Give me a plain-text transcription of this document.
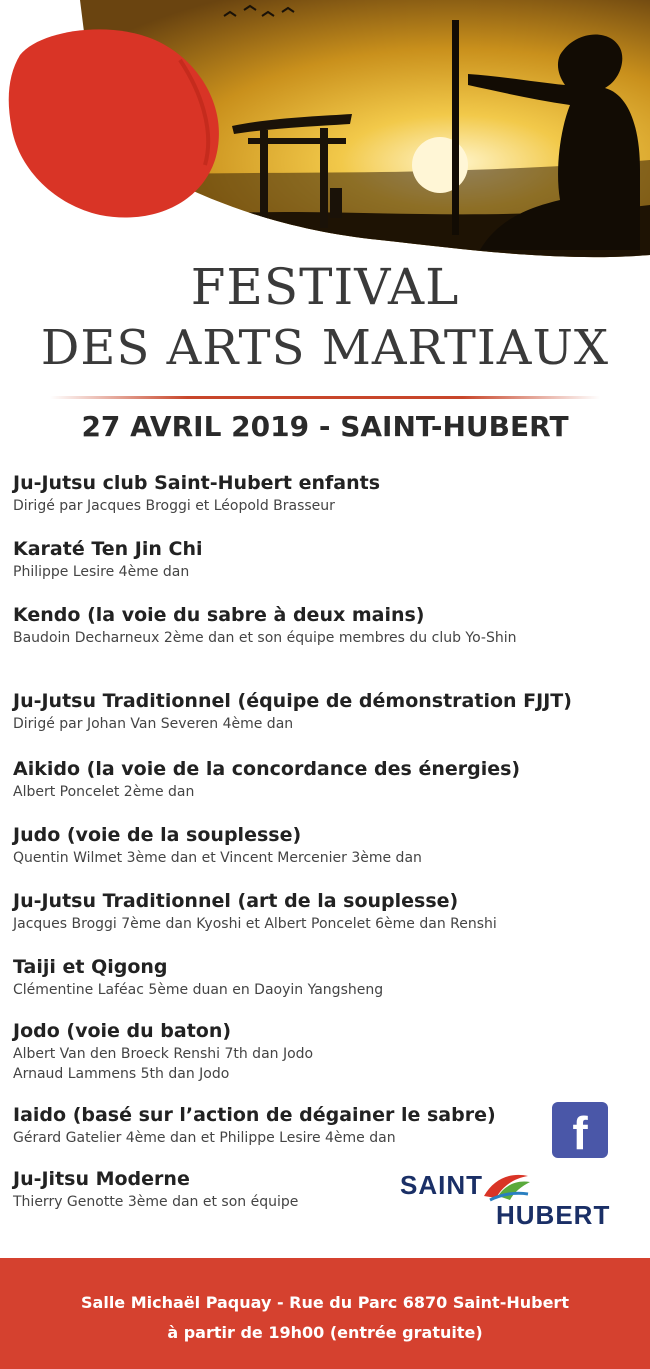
FESTIVAL
DES ARTS MARTIAUX
27 AVRIL 2019 - SAINT-HUBERT
Ju-Jutsu club Saint-Hubert enfants
Dirigé par Jacques Broggi et Léopold Brasseur
Karaté Ten Jin Chi
Philippe Lesire 4ème dan
Kendo (la voie du sabre à deux mains)
Baudoin Decharneux 2ème dan et son équipe membres du club Yo-Shin
Ju-Jutsu Traditionnel (équipe de démonstration FJJT)
Dirigé par Johan Van Severen 4ème dan
Aikido (la voie de la concordance des énergies)
Albert Poncelet 2ème dan
Judo (voie de la souplesse)
Quentin Wilmet 3ème dan et Vincent Mercenier 3ème dan
Ju-Jutsu Traditionnel (art de la souplesse)
Jacques Broggi 7ème dan Kyoshi et Albert Poncelet 6ème dan Renshi
Taiji et Qigong
Clémentine Laféac 5ème duan en Daoyin Yangsheng
Jodo (voie du baton)
Albert Van den Broeck Renshi 7th dan Jodo
Arnaud Lammens 5th dan Jodo
Iaido (basé sur l’action de dégainer le sabre)
Gérard Gatelier 4ème dan et Philippe Lesire 4ème dan
Ju-Jitsu Moderne
Thierry Genotte 3ème dan et son équipe
f
SAINT
HUBERT
Salle Michaël Paquay - Rue du Parc 6870 Saint-Hubert
à partir de 19h00 (entrée gratuite)
